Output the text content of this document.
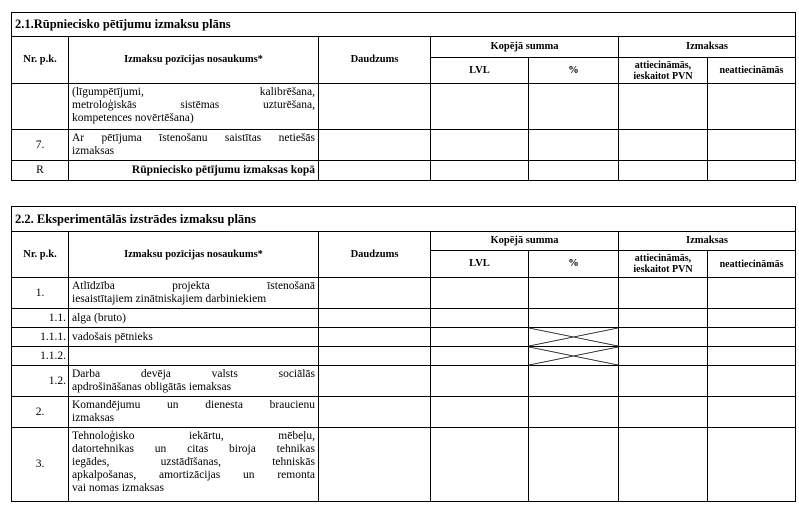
2.1.Rūpniecisko pētījumu izmaksu plāns						
Nr. p.k.	Izmaksu pozīcijas nosaukums*	Daudzums	Kopējā summa		Izmaksas	
			LVL	%	attiecināmās, ieskaitot PVN	neattiecināmās

	(līgumpētījumi, kalibrēšana,
metroloģiskās sistēmas uzturēšana,
kompetences novērtēšana)					

7.	Ar pētījuma īstenošanu saistītas netiešās
izmaksas					

R	Rūpniecisko pētījumu izmaksas kopā					
2.2. Eksperimentālās izstrādes izmaksu plāns						
Nr. p.k.	Izmaksu pozīcijas nosaukums*	Daudzums	Kopējā summa		Izmaksas	
			LVL	%	attiecināmās, ieskaitot PVN	neattiecināmās
1.	Atlīdzība projekta īstenošanā
iesaistītajiem zinātniskajiem darbiniekiem					

1.1.	alga (bruto)					
1.1.1.	vadošais pētnieks			

1.1.2.				

1.2.	Darba devēja valsts sociālās
apdrošināšanas obligātās iemaksas					

2.	Komandējumu un dienesta braucienu
izmaksas					

3.	Tehnoloģisko iekārtu, mēbeļu,
datortehnikas un citas biroja tehnikas
iegādes, uzstādīšanas, tehniskās
apkalpošanas, amortizācijas un remonta
vai nomas izmaksas					
